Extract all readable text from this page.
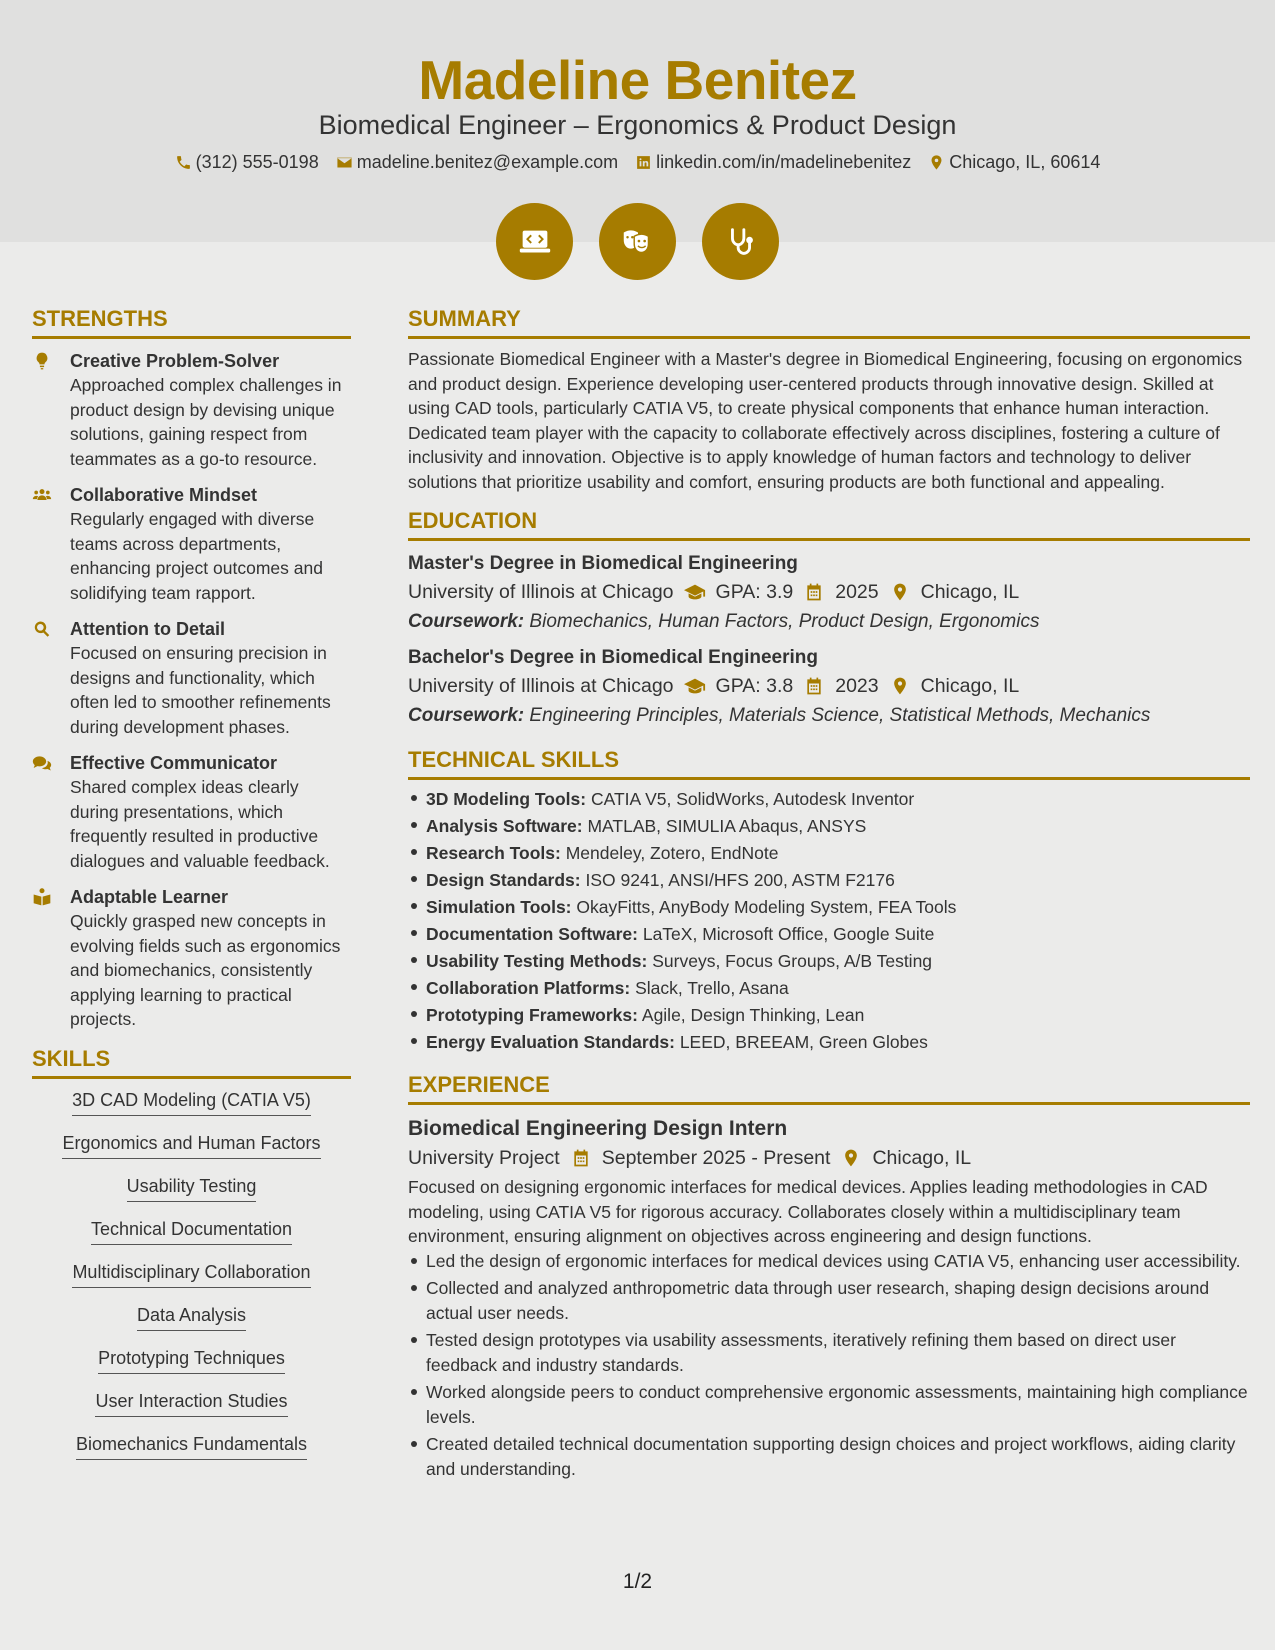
Madeline Benitez
Biomedical Engineer – Ergonomics & Product Design
(312) 555-0198 madeline.benitez@example.com linkedin.com/in/madelinebenitez Chicago, IL, 60614
STRENGTHS
Creative Problem-Solver
Approached complex challenges in product design by devising unique solutions, gaining respect from teammates as a go-to resource.
Collaborative Mindset
Regularly engaged with diverse teams across departments, enhancing project outcomes and solidifying team rapport.
Attention to Detail
Focused on ensuring precision in designs and functionality, which often led to smoother refinements during development phases.
Effective Communicator
Shared complex ideas clearly during presentations, which frequently resulted in productive dialogues and valuable feedback.
Adaptable Learner
Quickly grasped new concepts in evolving fields such as ergonomics and biomechanics, consistently applying learning to practical projects.
SKILLS
3D CAD Modeling (CATIA V5)
Ergonomics and Human Factors
Usability Testing
Technical Documentation
Multidisciplinary Collaboration
Data Analysis
Prototyping Techniques
User Interaction Studies
Biomechanics Fundamentals
SUMMARY
Passionate Biomedical Engineer with a Master's degree in Biomedical Engineering, focusing on ergonomics and product design. Experience developing user-centered products through innovative design. Skilled at using CAD tools, particularly CATIA V5, to create physical components that enhance human interaction. Dedicated team player with the capacity to collaborate effectively across disciplines, fostering a culture of inclusivity and innovation. Objective is to apply knowledge of human factors and technology to deliver solutions that prioritize usability and comfort, ensuring products are both functional and appealing.
EDUCATION
Master's Degree in Biomedical Engineering
University of Illinois at Chicago GPA: 3.9 2025 Chicago, IL
Coursework: Biomechanics, Human Factors, Product Design, Ergonomics
Bachelor's Degree in Biomedical Engineering
University of Illinois at Chicago GPA: 3.8 2023 Chicago, IL
Coursework: Engineering Principles, Materials Science, Statistical Methods, Mechanics
TECHNICAL SKILLS
3D Modeling Tools: CATIA V5, SolidWorks, Autodesk Inventor
Analysis Software: MATLAB, SIMULIA Abaqus, ANSYS
Research Tools: Mendeley, Zotero, EndNote
Design Standards: ISO 9241, ANSI/HFS 200, ASTM F2176
Simulation Tools: OkayFitts, AnyBody Modeling System, FEA Tools
Documentation Software: LaTeX, Microsoft Office, Google Suite
Usability Testing Methods: Surveys, Focus Groups, A/B Testing
Collaboration Platforms: Slack, Trello, Asana
Prototyping Frameworks: Agile, Design Thinking, Lean
Energy Evaluation Standards: LEED, BREEAM, Green Globes
EXPERIENCE
Biomedical Engineering Design Intern
University Project September 2025 - Present Chicago, IL
Focused on designing ergonomic interfaces for medical devices. Applies leading methodologies in CAD modeling, using CATIA V5 for rigorous accuracy. Collaborates closely within a multidisciplinary team environment, ensuring alignment on objectives across engineering and design functions.
Led the design of ergonomic interfaces for medical devices using CATIA V5, enhancing user accessibility.
Collected and analyzed anthropometric data through user research, shaping design decisions around actual user needs.
Tested design prototypes via usability assessments, iteratively refining them based on direct user feedback and industry standards.
Worked alongside peers to conduct comprehensive ergonomic assessments, maintaining high compliance levels.
Created detailed technical documentation supporting design choices and project workflows, aiding clarity and understanding.
1/2
